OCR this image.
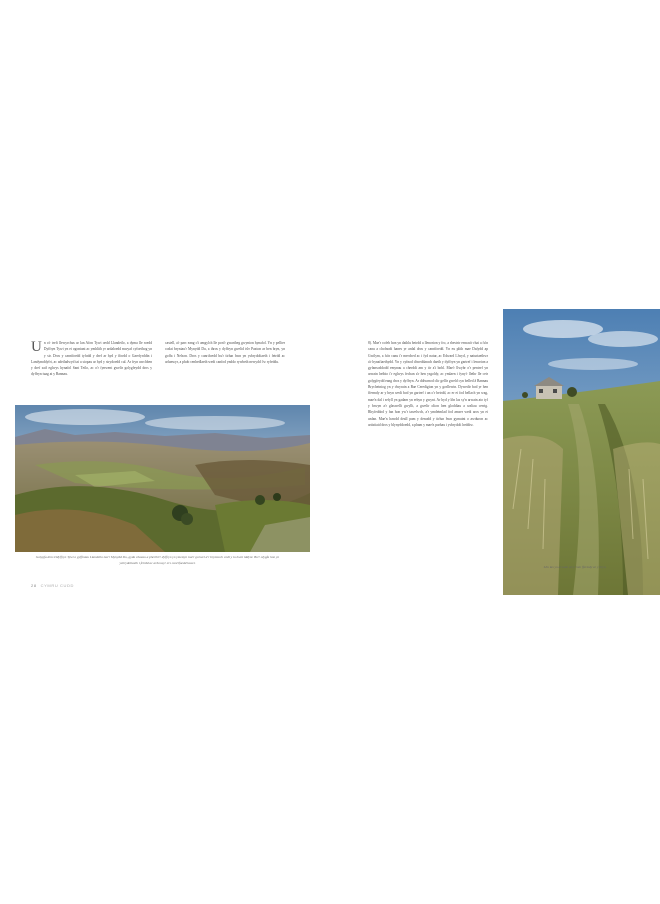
Un o'r trefi llewyrchus ar lan Afon Tywi oedd Llandeilo, a dyma lle roedd Dyffryn Tywi yn ei ogoniant ac ymhlith yr ardaloedd mwyaf cyfoethog yn y sir. Dros y canrifoedd tyfodd y dref ar hyd y ffordd o Gaerfyrddin i Landymddyfri, ac adeiladwyd tai a siopau ar hyd y strydoedd cul. Ar fryn uwchben y dref saif eglwys hynafol Sant Teilo, ac o'r fynwent gwelir golygfeydd dros y dyffryn tuag at y Bannau.
castell, a'r parc eang o'i amgylch lle pori'r gwartheg gwynion hynafol. Yn y pellter codai bryniau'r Mynydd Du, a thros y dyffryn gwelid tŵr Paxton ar ben bryn, yn goffa i Nelson. Dros y canrifoedd bu'r tirlun hwn yn ysbrydoliaeth i feirdd ac arlunwyr, a phob cenhedlaeth wedi canfod ynddo rywbeth newydd i'w ryfeddu.
Golygfa dros Ddyffryn Tywi o gyffiniau Llandeilo tua'r Mynydd Du, gyda chaeau a pherthi'r dyffryn yn ymestyn tua'r gorwel a'r bryniau'n codi y tu hwnt iddynt. Bu'r olygfa hon yn ysbrydoliaeth i feirdd ac arlunwyr ers canrifoedd lawer.
28 CYMRU CUDD
8). Mae'r cofeb hon yn dathlu beirdd a llenorion y fro, a rhestrir enwau'r rhai a fu'n canu a chofnodi hanes yr ardal dros y canrifoedd. Yn eu plith mae Dafydd ap Gwilym, a fu'n canu i'r merched ac i fyd natur, ac Edward Llwyd, y naturiaethwr a'r hynafiaethydd. Yn y cyfnod diweddarach daeth y dyffryn yn gartref i lenorion a gyfansoddodd emynau a cherddi am y tir a'i bobl. Mae'r llwybr o'r pentref yn arwain heibio i'r eglwys fechan a'r hen ysgoldy, ac ymlaen i fyny'r llethr lle ceir golygfeydd eang dros y dyffryn. Ar ddiwrnod clir gellir gweld cyn belled â Bannau Brycheiniog yn y dwyrain a Bae Ceredigion yn y gorllewin. Dywedir bod yr hen ffermdy ar y bryn wedi bod yn gartref i un o'r beirdd, ac er ei fod bellach yn wag, mae'n dal i sefyll yn gadarn yn erbyn y gwynt. Ar hyd y lôn las sy'n arwain ato tyf y brwyn a'r glaswellt gwyllt, a gwelir olion hen gloddiau a waliau cerrig. Rhyfeddod y fan hon yw'r tawelwch, a'r ymdeimlad fod amser wedi aros yn ei unfan. Mae'n hawdd deall pam y denodd y tirlun hwn gymaint o awduron ac artistiaid dros y blynyddoedd, a pham y mae'n parhau i ysbrydoli heddiw.
Lôn las yn arwain at yr hen ffermdy ar y bryn.
